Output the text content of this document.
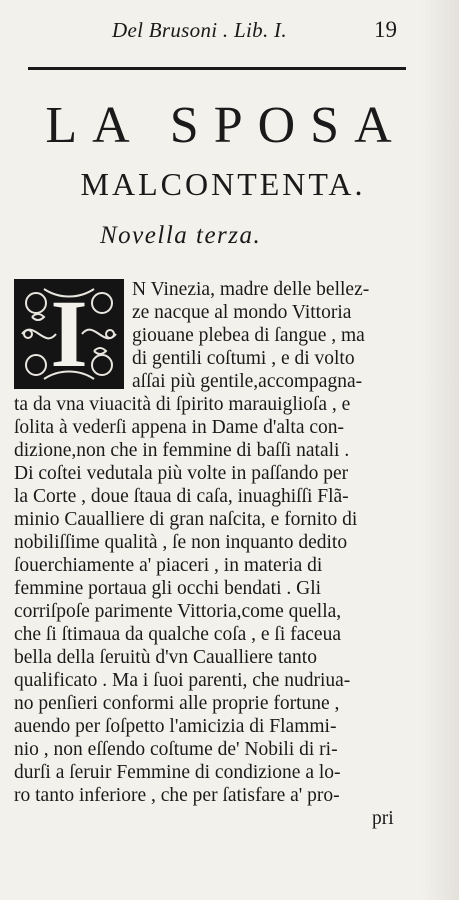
Del Brusoni . Lib. I.	19
LA SPOSA
MALCONTENTA.
Novella terza.
I	N Vinezia, madre delle bellez-
ze nacque al mondo Vittoria
giouane plebea di ſangue , ma
di gentili coſtumi , e di volto
aſſai più gentile,accompagna-
ta da vna viuacità di ſpirito marauiglioſa , e
ſolita à vederſi appena in Dame d'alta con-
dizione,non che in femmine di baſſi natali .
Di coſtei vedutala più volte in paſſando per
la Corte , doue ſtaua di caſa, inuaghiſſi Flã-
minio Caualliere di gran naſcita, e fornito di
nobiliſſime qualità , ſe non inquanto dedito
ſouerchiamente a' piaceri , in materia di
femmine portaua gli occhi bendati . Gli
corriſpoſe parimente Vittoria,come quella,
che ſi ſtimaua da qualche coſa , e ſi faceua
bella della ſeruitù d'vn Caualliere tanto
qualificato . Ma i ſuoi parenti, che nudriua-
no penſieri conformi alle proprie fortune ,
auendo per ſoſpetto l'amicizia di Flammi-
nio , non eſſendo coſtume de' Nobili di ri-
durſi a ſeruir Femmine di condizione a lo-
ro tanto inferiore , che per ſatisfare a' pro-
pri
